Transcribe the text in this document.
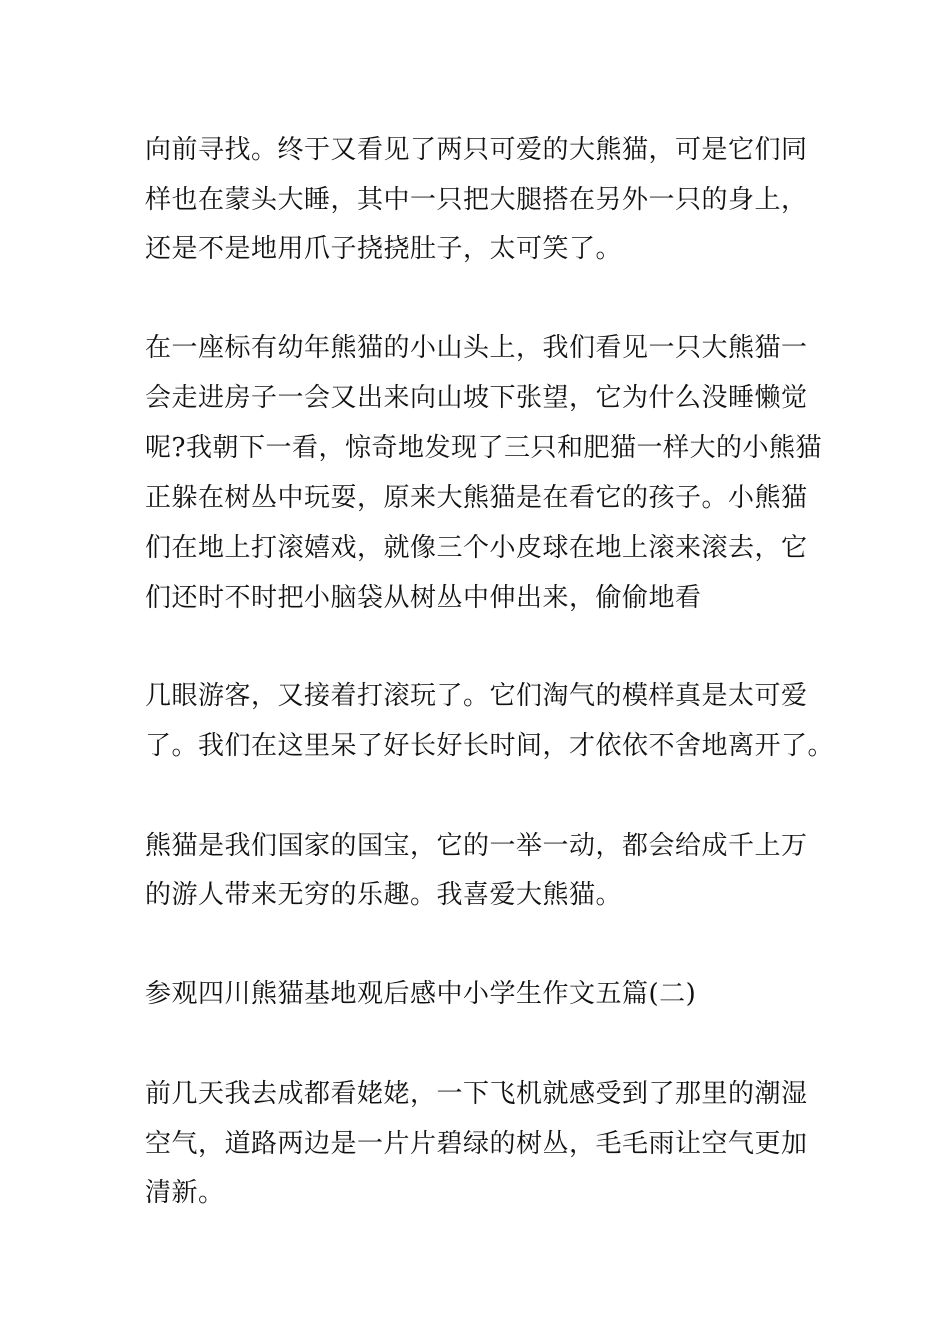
向前寻找。终于又看见了两只可爱的大熊猫，可是它们同
样也在蒙头大睡，其中一只把大腿搭在另外一只的身上，
还是不是地用爪子挠挠肚子，太可笑了。
在一座标有幼年熊猫的小山头上，我们看见一只大熊猫一
会走进房子一会又出来向山坡下张望，它为什么没睡懒觉
呢?我朝下一看，惊奇地发现了三只和肥猫一样大的小熊猫
正躲在树丛中玩耍，原来大熊猫是在看它的孩子。小熊猫
们在地上打滚嬉戏，就像三个小皮球在地上滚来滚去，它
们还时不时把小脑袋从树丛中伸出来，偷偷地看
几眼游客，又接着打滚玩了。它们淘气的模样真是太可爱
了。我们在这里呆了好长好长时间，才依依不舍地离开了。
熊猫是我们国家的国宝，它的一举一动，都会给成千上万
的游人带来无穷的乐趣。我喜爱大熊猫。
参观四川熊猫基地观后感中小学生作文五篇(二)
前几天我去成都看姥姥，一下飞机就感受到了那里的潮湿
空气，道路两边是一片片碧绿的树丛，毛毛雨让空气更加
清新。
